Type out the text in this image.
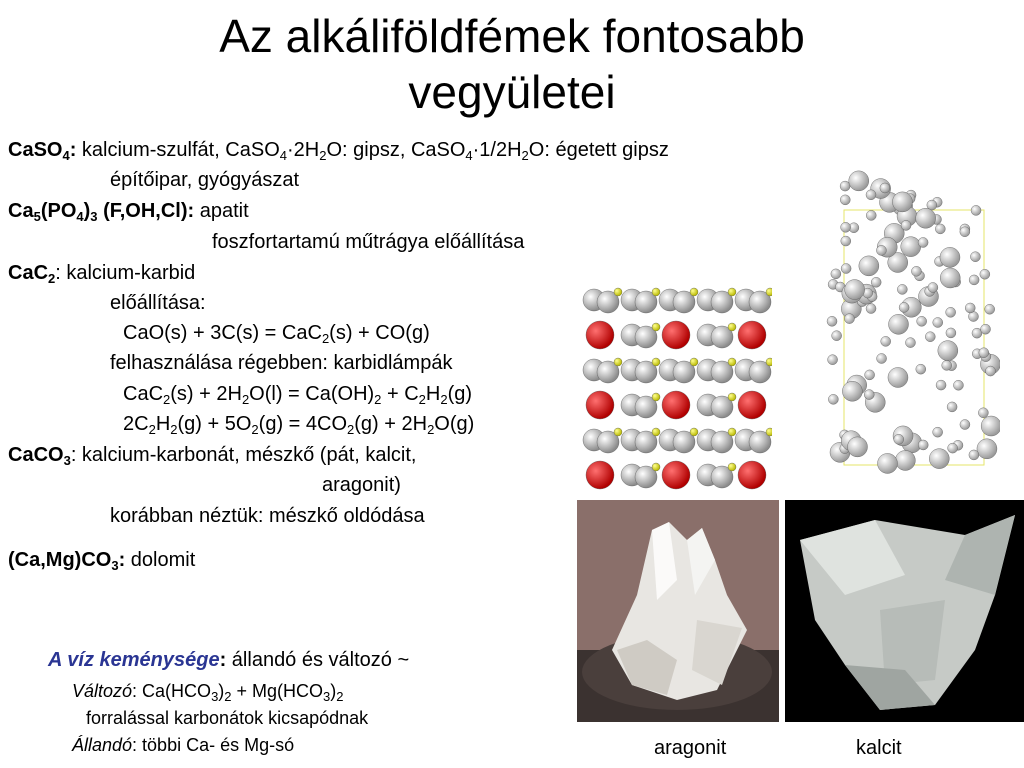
Az alkáliföldfémek fontosabb
vegyületei
CaSO$_4$: kalcium-szulfát, $CaSO_4\cdot 2H_2O$: gipsz, $CaSO_4\cdot 1/2H_2O$: égetett gipsz
építőipar, gyógyászat
$Ca_5(PO_4)_3$ (F,OH,Cl): apatit
foszfortartamú műtrágya előállítása
CaC$_2$: kalcium-karbid
előállítása:
CaO(s) + 3C(s) = CaC$_2$(s) + CO(g)
felhasználása régebben: karbidlámpák
$CaC_2(s) + 2H_2O(l) = Ca(OH)_2 + C_2H_2(g)$
$2C_2H_2(g) + 5O_2(g) = 4CO_2(g) + 2H_2O(g)$
CaCO$_3$: kalcium-karbonát, mészkő (pát, kalcit,
aragonit)
korábban néztük: mészkő oldódása
$(Ca,Mg)CO_3$: dolomit
A víz keménysége: állandó és változó ~
Változó: $Ca(HCO_3)_2 + Mg(HCO_3)_2$
forralással karbonátok kicsapódnak
Állandó: többi Ca- és Mg-só	aragonit	kalcit
